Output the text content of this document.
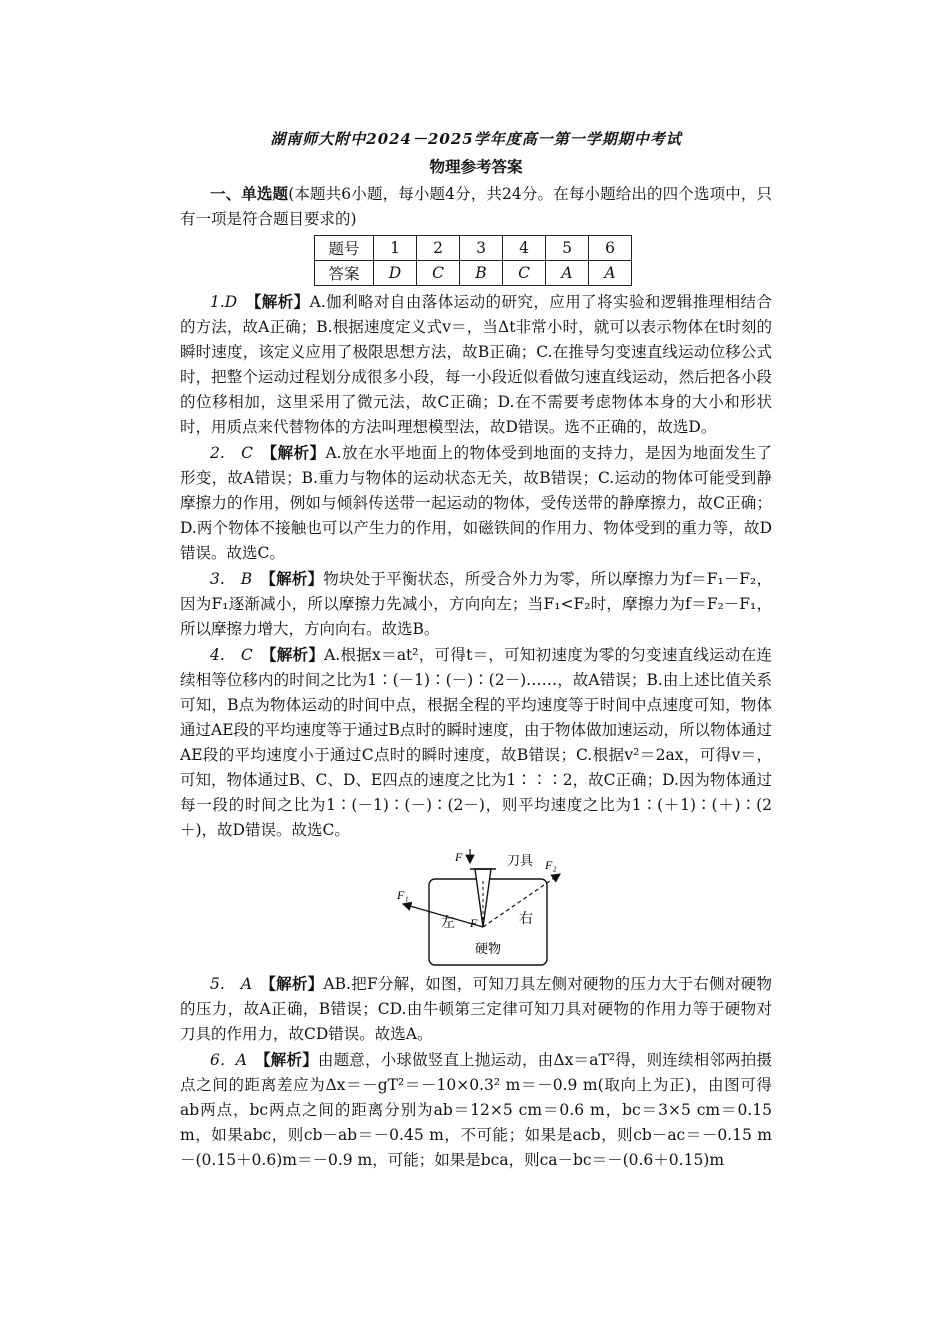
湖南师大附中2024－2025学年度高一第一学期期中考试
物理参考答案

一、单选题(本题共6小题，每小题4分，共24分。在每小题给出的四个选项中，只有一项是符合题目要求的)

题号	1	2	3	4	5	6
答案	D	C	B	C	A	A

1.D　 【解析】A.伽利略对自由落体运动的研究，应用了将实验和逻辑推理相结合的方法，故A正确；B.根据速度定义式v＝，当Δt非常小时，就可以表示物体在t时刻的瞬时速度，该定义应用了极限思想方法，故B正确；C.在推导匀变速直线运动位移公式时，把整个运动过程划分成很多小段，每一小段近似看做匀速直线运动，然后把各小段的位移相加，这里采用了微元法，故C正确；D.在不需要考虑物体本身的大小和形状时，用质点来代替物体的方法叫理想模型法，故D错误。选不正确的，故选D。

2.　C　 【解析】A.放在水平地面上的物体受到地面的支持力，是因为地面发生了形变，故A错误；B.重力与物体的运动状态无关，故B错误；C.运动的物体可能受到静摩擦力的作用，例如与倾斜传送带一起运动的物体，受传送带的静摩擦力，故C正确；D.两个物体不接触也可以产生力的作用，如磁铁间的作用力、物体受到的重力等，故D错误。故选C。

3.　B　 【解析】物块处于平衡状态，所受合外力为零，所以摩擦力为f＝F₁－F₂，因为F₁逐渐减小，所以摩擦力先减小，方向向左；当F₁<F₂时，摩擦力为f＝F₂－F₁，所以摩擦力增大，方向向右。故选B。

4.　C　 【解析】A.根据x＝at²，可得t＝，可知初速度为零的匀变速直线运动在连续相等位移内的时间之比为1∶(－1)∶(－)∶(2－)……，故A错误；B.由上述比值关系可知，B点为物体运动的时间中点，根据全程的平均速度等于时间中点速度可知，物体通过AE段的平均速度等于通过B点时的瞬时速度，由于物体做加速运动，所以物体通过AE段的平均速度小于通过C点时的瞬时速度，故B错误；C.根据v²＝2ax，可得v＝，可知，物体通过B、C、D、E四点的速度之比为1∶∶∶2，故C正确；D.因为物体通过每一段的时间之比为1∶(－1)∶(－)∶(2－)，则平均速度之比为1∶(＋1)∶(＋)∶(2＋)，故D错误。故选C。

F	刀具
F₁
F₂
左	右
F
硬物

5.　A　 【解析】AB.把F分解，如图，可知刀具左侧对硬物的压力大于右侧对硬物的压力，故A正确，B错误；CD.由牛顿第三定律可知刀具对硬物的作用力等于硬物对刀具的作用力，故CD错误。故选A。

6．A　 【解析】由题意，小球做竖直上抛运动，由Δx＝aT²得，则连续相邻两拍摄点之间的距离差应为Δx＝－gT²＝－10×0.3² m＝－0.9 m(取向上为正)，由图可得ab两点，bc两点之间的距离分别为ab＝12×5 cm＝0.6 m，bc＝3×5 cm＝0.15 m，如果abc，则cb－ab＝－0.45 m，不可能；如果是acb，则cb－ac＝－0.15 m－(0.15＋0.6)m＝－0.9 m，可能；如果是bca，则ca－bc＝－(0.6＋0.15)m
